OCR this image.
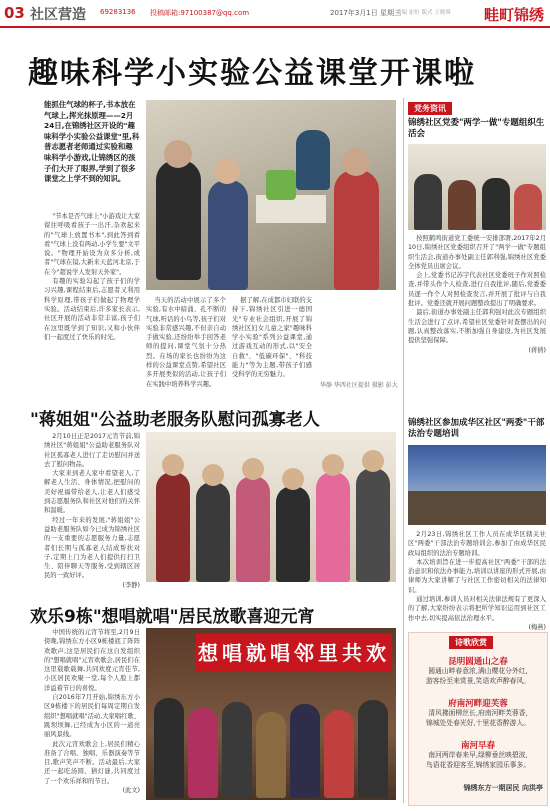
03 社区营造 69283136 投稿邮箱:97100387@qq.com	2017年3月1日 星期三
责编 崔恒 版式 王晓蓉 畦町锦绣
趣味科学小实验公益课堂开课啦
能抓住气球的杯子,书本放在气球上,挥光抹原理——2月24日,在锦绣社区开设的"趣味科学小实验公益课堂"里,科普志愿者老师通过实验和趣味科学小游戏,让锦绣区的孩子们大开了眼界,学到了很多课堂之上学不到的知识。

"节本是否气球上"小游戏让大家留住呼吸看孩子一出汗,杂欢起来的"气球上放置书本",到此答到看看"气球上没有两动,小学生要"文平说。"物理开始设为众多分析,或者"气球在镜,大新来天蓝河北京,于在今"超说学人发射天外家"。

有趣的实验勾起了孩子们的学习兴趣,课程结束后,志愿者又利用科学原理,带孩子们做起了物理学实验。活动结束后,许多家长表示,社区开展的活动非常丰富,孩子们在这里既学到了知识,又和小伙伴们一起度过了快乐的时光。

当天的活动中展示了多个实验,有水中暗涌、孔不断的气球,听话的小鸟等,孩子们对实验非常感兴趣,不但亲自动手做实验,还纷纷举手回答老师的提问,课堂气氛十分热烈。在场的家长也纷纷为这样的公益课堂点赞,希望社区多开展类似的活动,让孩子们在实践中培养科学兴趣。

据了解,在成都市妇联的支持下,锦绣社区引进一德国光"专业社会组织,开展了锦绣社区妇女儿童之家"趣味科学小实验"系列公益课堂,通过游戏互动的形式,以"安全自救"、"低碳环保"、"科技能力"等为主题,带孩子们感受科学的无穷魅力。

华静 华西社区提供 摄影 彭大
"蒋姐姐"公益助老服务队慰问孤寡老人

2月10日正是2017元宵节前,锦绣社区"蒋姐姐"公益助老服务队对社区孤寡老人进行了走访慰问并送去了慰问物品。

大家来到老人家中看望老人,了解老人生活、身体情况,把慰问的美好祝福带给老人,让老人们感受到志愿服务队和社区对他们的关怀和温暖。

经过一年来的发展,"蒋姐姐"公益助老服务队如今已成为锦绣社区的一支重要的志愿服务力量,志愿者们长期与孤寡老人结成帮扶对子,定期上门为老人们提供打扫卫生、陪伴聊天等服务,受到辖区居民的一致好评。

(李静)

欢乐9栋"想唱就唱"居民放歌喜迎元宵

中国传统的元宵节将至,2月9日傍晚,锦绣东方小区9栋楼底了阵阵欢歌声,这是居民们在这自发组织的"想唱就唱"元宵欢歌会,居民们在这里载歌载舞,共同欢度元宵佳节,小区居民欢聚一堂,每个人脸上都洋溢着节日的喜悦。

自2016年7月开始,锦绣东方小区9栋楼下的居民们每周定期自发组织"想唱就唱"活动,大家唱红歌、跳坝坝舞,已经成为小区的一道亮丽风景线。

此次元宵欢歌会上,居民们精心准备了合唱、独唱、乐器演奏等节目,歌声笑声不断。活动最后,大家还一起吃汤圆、猜灯谜,共同度过了一个欢乐祥和的节日。

(此文)

想唱就唱邻里共欢
党务资讯
锦绣社区党委"两学一做"专题组织生活会

按照鹤鸣街道党工委统一安排部署,2017年2月10日,锦绣社区党委组织召开了"两学一做"专题组织生活会,街道办事处副主任郭利强,锦绣社区党委全体党员出席会议。

会上,党委书记苏宇代表社区党委班子作对照检查,并带头作个人检查,进行自我批评,随后,党委委员逐一作个人对照检查发言,并开展了批评与自我批评。党委还就开展问题整改提出了明确要求。

最后,街道办事处副主任郭利强对此次专题组织生活会进行了点评,希望社区党委针对查摆出的问题,认真整改落实,不断加强自身建设,为社区发展提供坚强保障。

(蒋倩)

锦绣社区参加成华区社区"两委"干部法治专题培训

2月23日,锦绣社区工作人员在成华区辖关社区"两委"干部法治专题培训会,参加了由成华区民政局组织的法治专题培训。

本次培训旨在进一步提高社区"两委"干部的法治意识和依法办事能力,培训以讲座的形式开展,由律师为大家讲解了与社区工作密切相关的法律知识。

通过培训,参训人员对相关法律法规有了更深入的了解,大家纷纷表示将把所学知识运用到社区工作中去,切实提高依法治理水平。

(梅燕)

诗歌欣赏
昆明圆通山之春
圆通山畔春意浓,满山樱花分外红,
游客纷至来赏景,笑语欢声醉春风。
府南河畔迎芙蓉
清风拂面柳丝长,府南河畔芙蓉香,
锦城处处春光好,十里花香醉游人。
南河早春
南河两岸春来早,绿柳垂丝映碧波,
鸟语花香迎客至,锦绣家园乐事多。
锦绣东方一期居民 向洪亭
